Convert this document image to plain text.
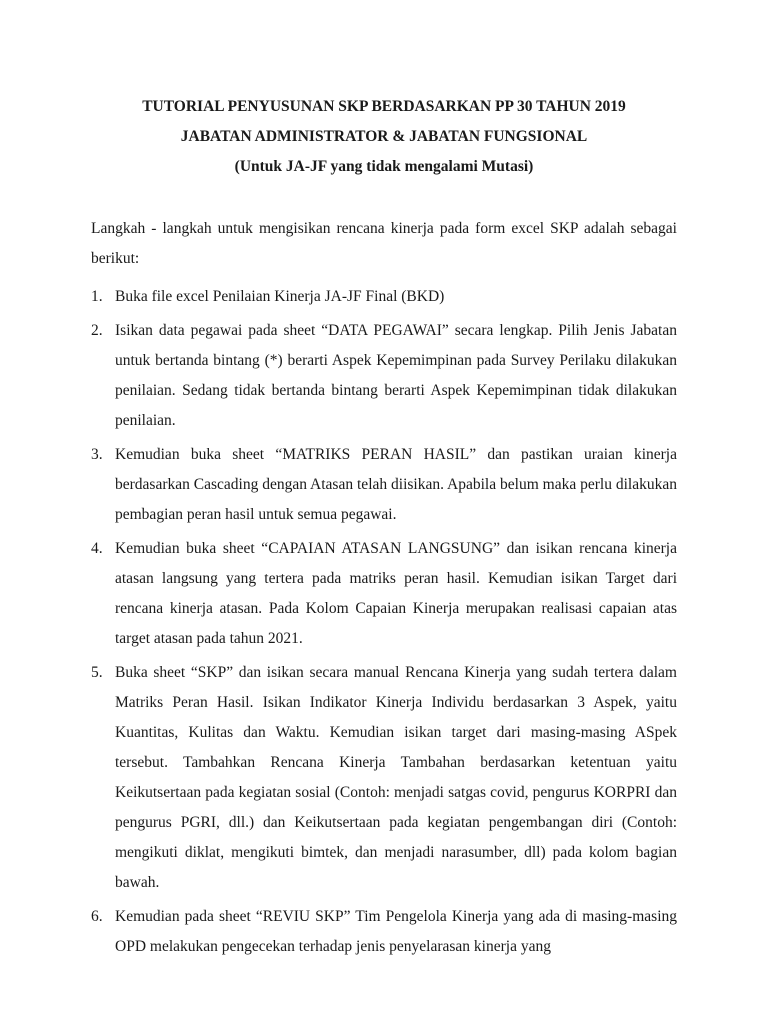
TUTORIAL PENYUSUNAN SKP BERDASARKAN PP 30 TAHUN 2019

JABATAN ADMINISTRATOR & JABATAN FUNGSIONAL

(Untuk JA-JF yang tidak mengalami Mutasi)

Langkah - langkah untuk mengisikan rencana kinerja pada form excel SKP adalah sebagai berikut:

1. Buka file excel Penilaian Kinerja JA-JF Final (BKD)
2. Isikan data pegawai pada sheet “DATA PEGAWAI” secara lengkap. Pilih Jenis Jabatan untuk bertanda bintang (*) berarti Aspek Kepemimpinan pada Survey Perilaku dilakukan penilaian. Sedang tidak bertanda bintang berarti Aspek Kepemimpinan tidak dilakukan penilaian.
3. Kemudian buka sheet “MATRIKS PERAN HASIL” dan pastikan uraian kinerja berdasarkan Cascading dengan Atasan telah diisikan. Apabila belum maka perlu dilakukan pembagian peran hasil untuk semua pegawai.
4. Kemudian buka sheet “CAPAIAN ATASAN LANGSUNG” dan isikan rencana kinerja atasan langsung yang tertera pada matriks peran hasil. Kemudian isikan Target dari rencana kinerja atasan. Pada Kolom Capaian Kinerja merupakan realisasi capaian atas target atasan pada tahun 2021.
5. Buka sheet “SKP” dan isikan secara manual Rencana Kinerja yang sudah tertera dalam Matriks Peran Hasil. Isikan Indikator Kinerja Individu berdasarkan 3 Aspek, yaitu Kuantitas, Kulitas dan Waktu. Kemudian isikan target dari masing-masing ASpek tersebut. Tambahkan Rencana Kinerja Tambahan berdasarkan ketentuan yaitu Keikutsertaan pada kegiatan sosial (Contoh: menjadi satgas covid, pengurus KORPRI dan pengurus PGRI, dll.) dan Keikutsertaan pada kegiatan pengembangan diri (Contoh: mengikuti diklat, mengikuti bimtek, dan menjadi narasumber, dll) pada kolom bagian bawah.
6. Kemudian pada sheet “REVIU SKP” Tim Pengelola Kinerja yang ada di masing-masing OPD melakukan pengecekan terhadap jenis penyelarasan kinerja yang
